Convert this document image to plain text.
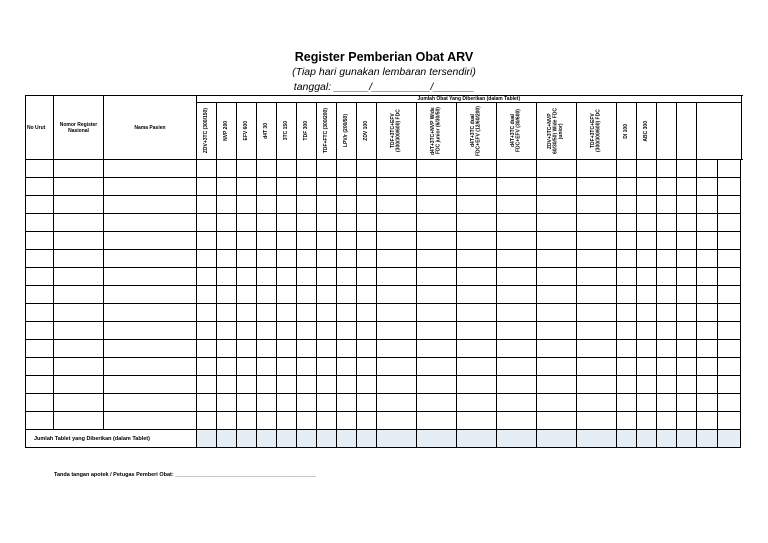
Register Pemberian Obat ARV
(Tiap hari gunakan lembaran tersendiri)
tanggal: ______/__________/_______
No Urut	Nomor Register Nasional	Nama Pasien	Jumlah Obat Yang Diberikan (dalam Tablet)	

			ZDV+3TC (300/150)	NVP 200	EFV 600	d4T 30	3TC 150	TDF 300	TDF+FTC (300/200)	LPV/r (200/50)	ZDV 100	TDF+3TC+EFV (300/300/600) FDC	d4T+3TC+NVP Wide FDC junior (6/30/50)	d4T+3TC dual FDC+EFV (12/60/200)	d4T+3TC dual FDC+EFV (30/600)	ZDV+3TC+NVP 60/30/50) Wide FDC junior)	TDF+3TC+EFV (300/300/600) FDC	DI 100	ABC 300					

Jumlah Tablet yang Diberikan (dalam Tablet)																								
Tanda tangan apotek / Petugas Pemberi Obat: ______________________________________________
